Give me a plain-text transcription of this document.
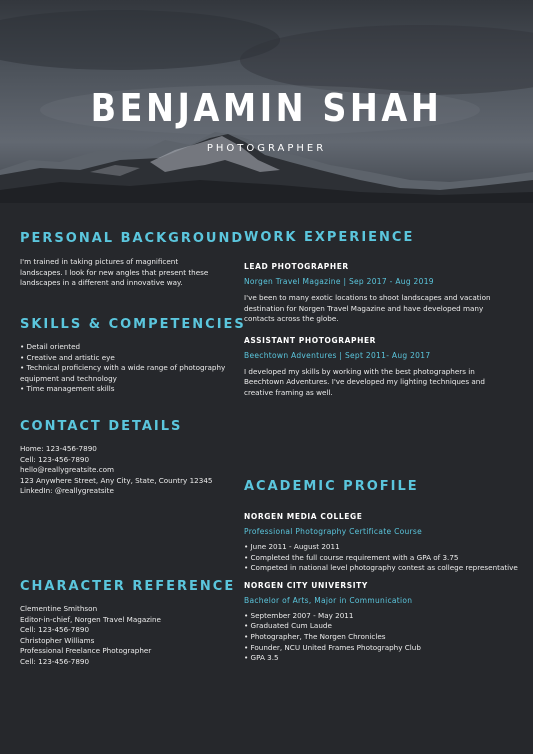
BENJAMIN SHAH
PHOTOGRAPHER
PERSONAL BACKGROUND

I'm trained in taking pictures of magnificent landscapes. I look for new angles that present these landscapes in a different and innovative way.

SKILLS & COMPETENCIES
• Detail oriented
• Creative and artistic eye
• Technical proficiency with a wide range of photography
equipment and technology
• Time management skills
CONTACT DETAILS
Home: 123-456-7890
Cell: 123-456-7890
hello@reallygreatsite.com
123 Anywhere Street, Any City, State, Country 12345
LinkedIn: @reallygreatsite
CHARACTER REFERENCE
Clementine Smithson
Editor-in-chief, Norgen Travel Magazine
Cell: 123-456-7890
Christopher Williams
Professional Freelance Photographer
Cell: 123-456-7890
WORK EXPERIENCE

LEAD PHOTOGRAPHER

Norgen Travel Magazine | Sep 2017 - Aug 2019

I've been to many exotic locations to shoot landscapes and vacation destination for Norgen Travel Magazine and have developed many contacts across the globe.

ASSISTANT PHOTOGRAPHER

Beechtown Adventures | Sept 2011- Aug 2017

I developed my skills by working with the best photographers in Beechtown Adventures. I've developed my lighting techniques and creative framing as well.

ACADEMIC PROFILE

NORGEN MEDIA COLLEGE

Professional Photography Certificate Course

• June 2011 - August 2011
• Completed the full course requirement with a GPA of 3.75
• Competed in national level photography contest as college representative

NORGEN CITY UNIVERSITY

Bachelor of Arts, Major in Communication

• September 2007 - May 2011
• Graduated Cum Laude
• Photographer, The Norgen Chronicles
• Founder, NCU United Frames Photography Club
• GPA 3.5
